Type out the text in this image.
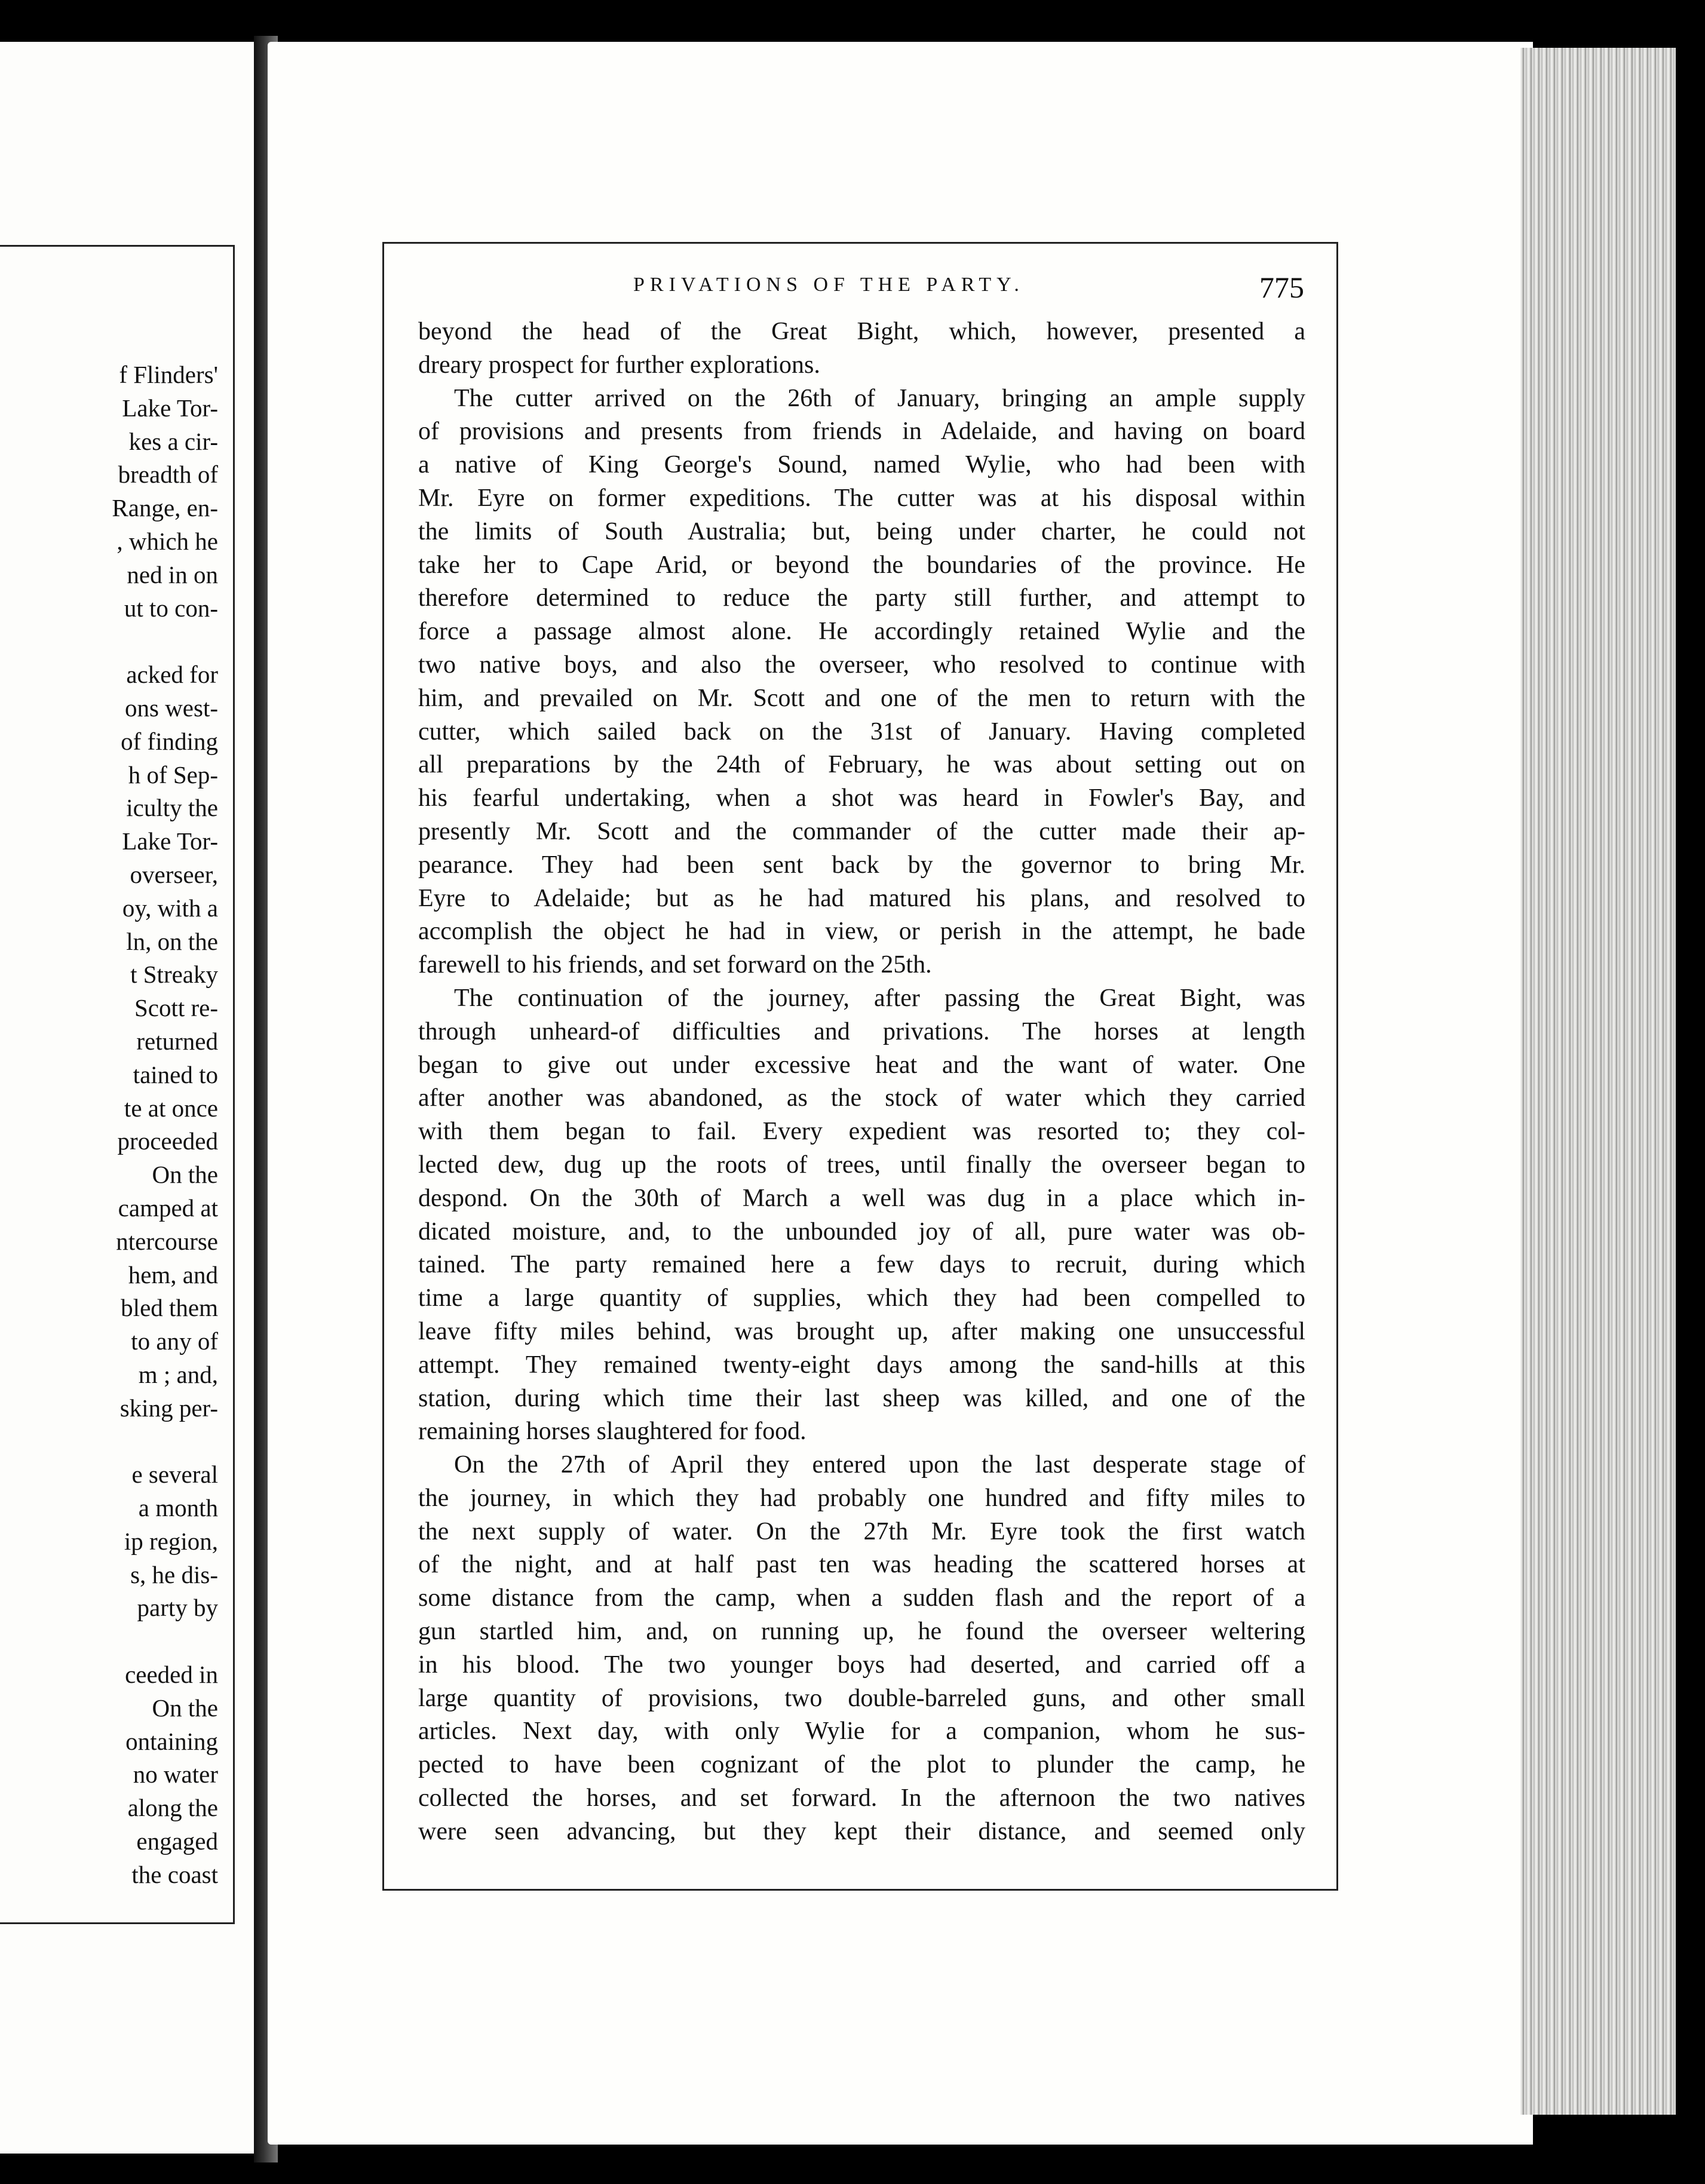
f Flinders'
Lake Tor-
kes a cir-
breadth of
Range, en-
, which he
ned in on
ut to con-
acked for
ons west-
of finding
h of Sep-
iculty the
Lake Tor-
overseer,
oy, with a
ln, on the
t Streaky
Scott re-
returned
tained to
te at once
proceeded
On the
camped at
ntercourse
hem, and
bled them
to any of
m ; and,
sking per-
e several
a month
ip region,
s, he dis-
party by
ceeded in
On the
ontaining
no water
along the
engaged
the coast
PRIVATIONS OF THE PARTY.	775
beyond the head of the Great Bight, which, however, presented a
dreary prospect for further explorations.
The cutter arrived on the 26th of January, bringing an ample supply
of provisions and presents from friends in Adelaide, and having on board
a native of King George's Sound, named Wylie, who had been with
Mr. Eyre on former expeditions. The cutter was at his disposal within
the limits of South Australia; but, being under charter, he could not
take her to Cape Arid, or beyond the boundaries of the province. He
therefore determined to reduce the party still further, and attempt to
force a passage almost alone. He accordingly retained Wylie and the
two native boys, and also the overseer, who resolved to continue with
him, and prevailed on Mr. Scott and one of the men to return with the
cutter, which sailed back on the 31st of January. Having completed
all preparations by the 24th of February, he was about setting out on
his fearful undertaking, when a shot was heard in Fowler's Bay, and
presently Mr. Scott and the commander of the cutter made their ap-
pearance. They had been sent back by the governor to bring Mr.
Eyre to Adelaide; but as he had matured his plans, and resolved to
accomplish the object he had in view, or perish in the attempt, he bade
farewell to his friends, and set forward on the 25th.
The continuation of the journey, after passing the Great Bight, was
through unheard-of difficulties and privations. The horses at length
began to give out under excessive heat and the want of water. One
after another was abandoned, as the stock of water which they carried
with them began to fail. Every expedient was resorted to; they col-
lected dew, dug up the roots of trees, until finally the overseer began to
despond. On the 30th of March a well was dug in a place which in-
dicated moisture, and, to the unbounded joy of all, pure water was ob-
tained. The party remained here a few days to recruit, during which
time a large quantity of supplies, which they had been compelled to
leave fifty miles behind, was brought up, after making one unsuccessful
attempt. They remained twenty-eight days among the sand-hills at this
station, during which time their last sheep was killed, and one of the
remaining horses slaughtered for food.
On the 27th of April they entered upon the last desperate stage of
the journey, in which they had probably one hundred and fifty miles to
the next supply of water. On the 27th Mr. Eyre took the first watch
of the night, and at half past ten was heading the scattered horses at
some distance from the camp, when a sudden flash and the report of a
gun startled him, and, on running up, he found the overseer weltering
in his blood. The two younger boys had deserted, and carried off a
large quantity of provisions, two double-barreled guns, and other small
articles. Next day, with only Wylie for a companion, whom he sus-
pected to have been cognizant of the plot to plunder the camp, he
collected the horses, and set forward. In the afternoon the two natives
were seen advancing, but they kept their distance, and seemed only
